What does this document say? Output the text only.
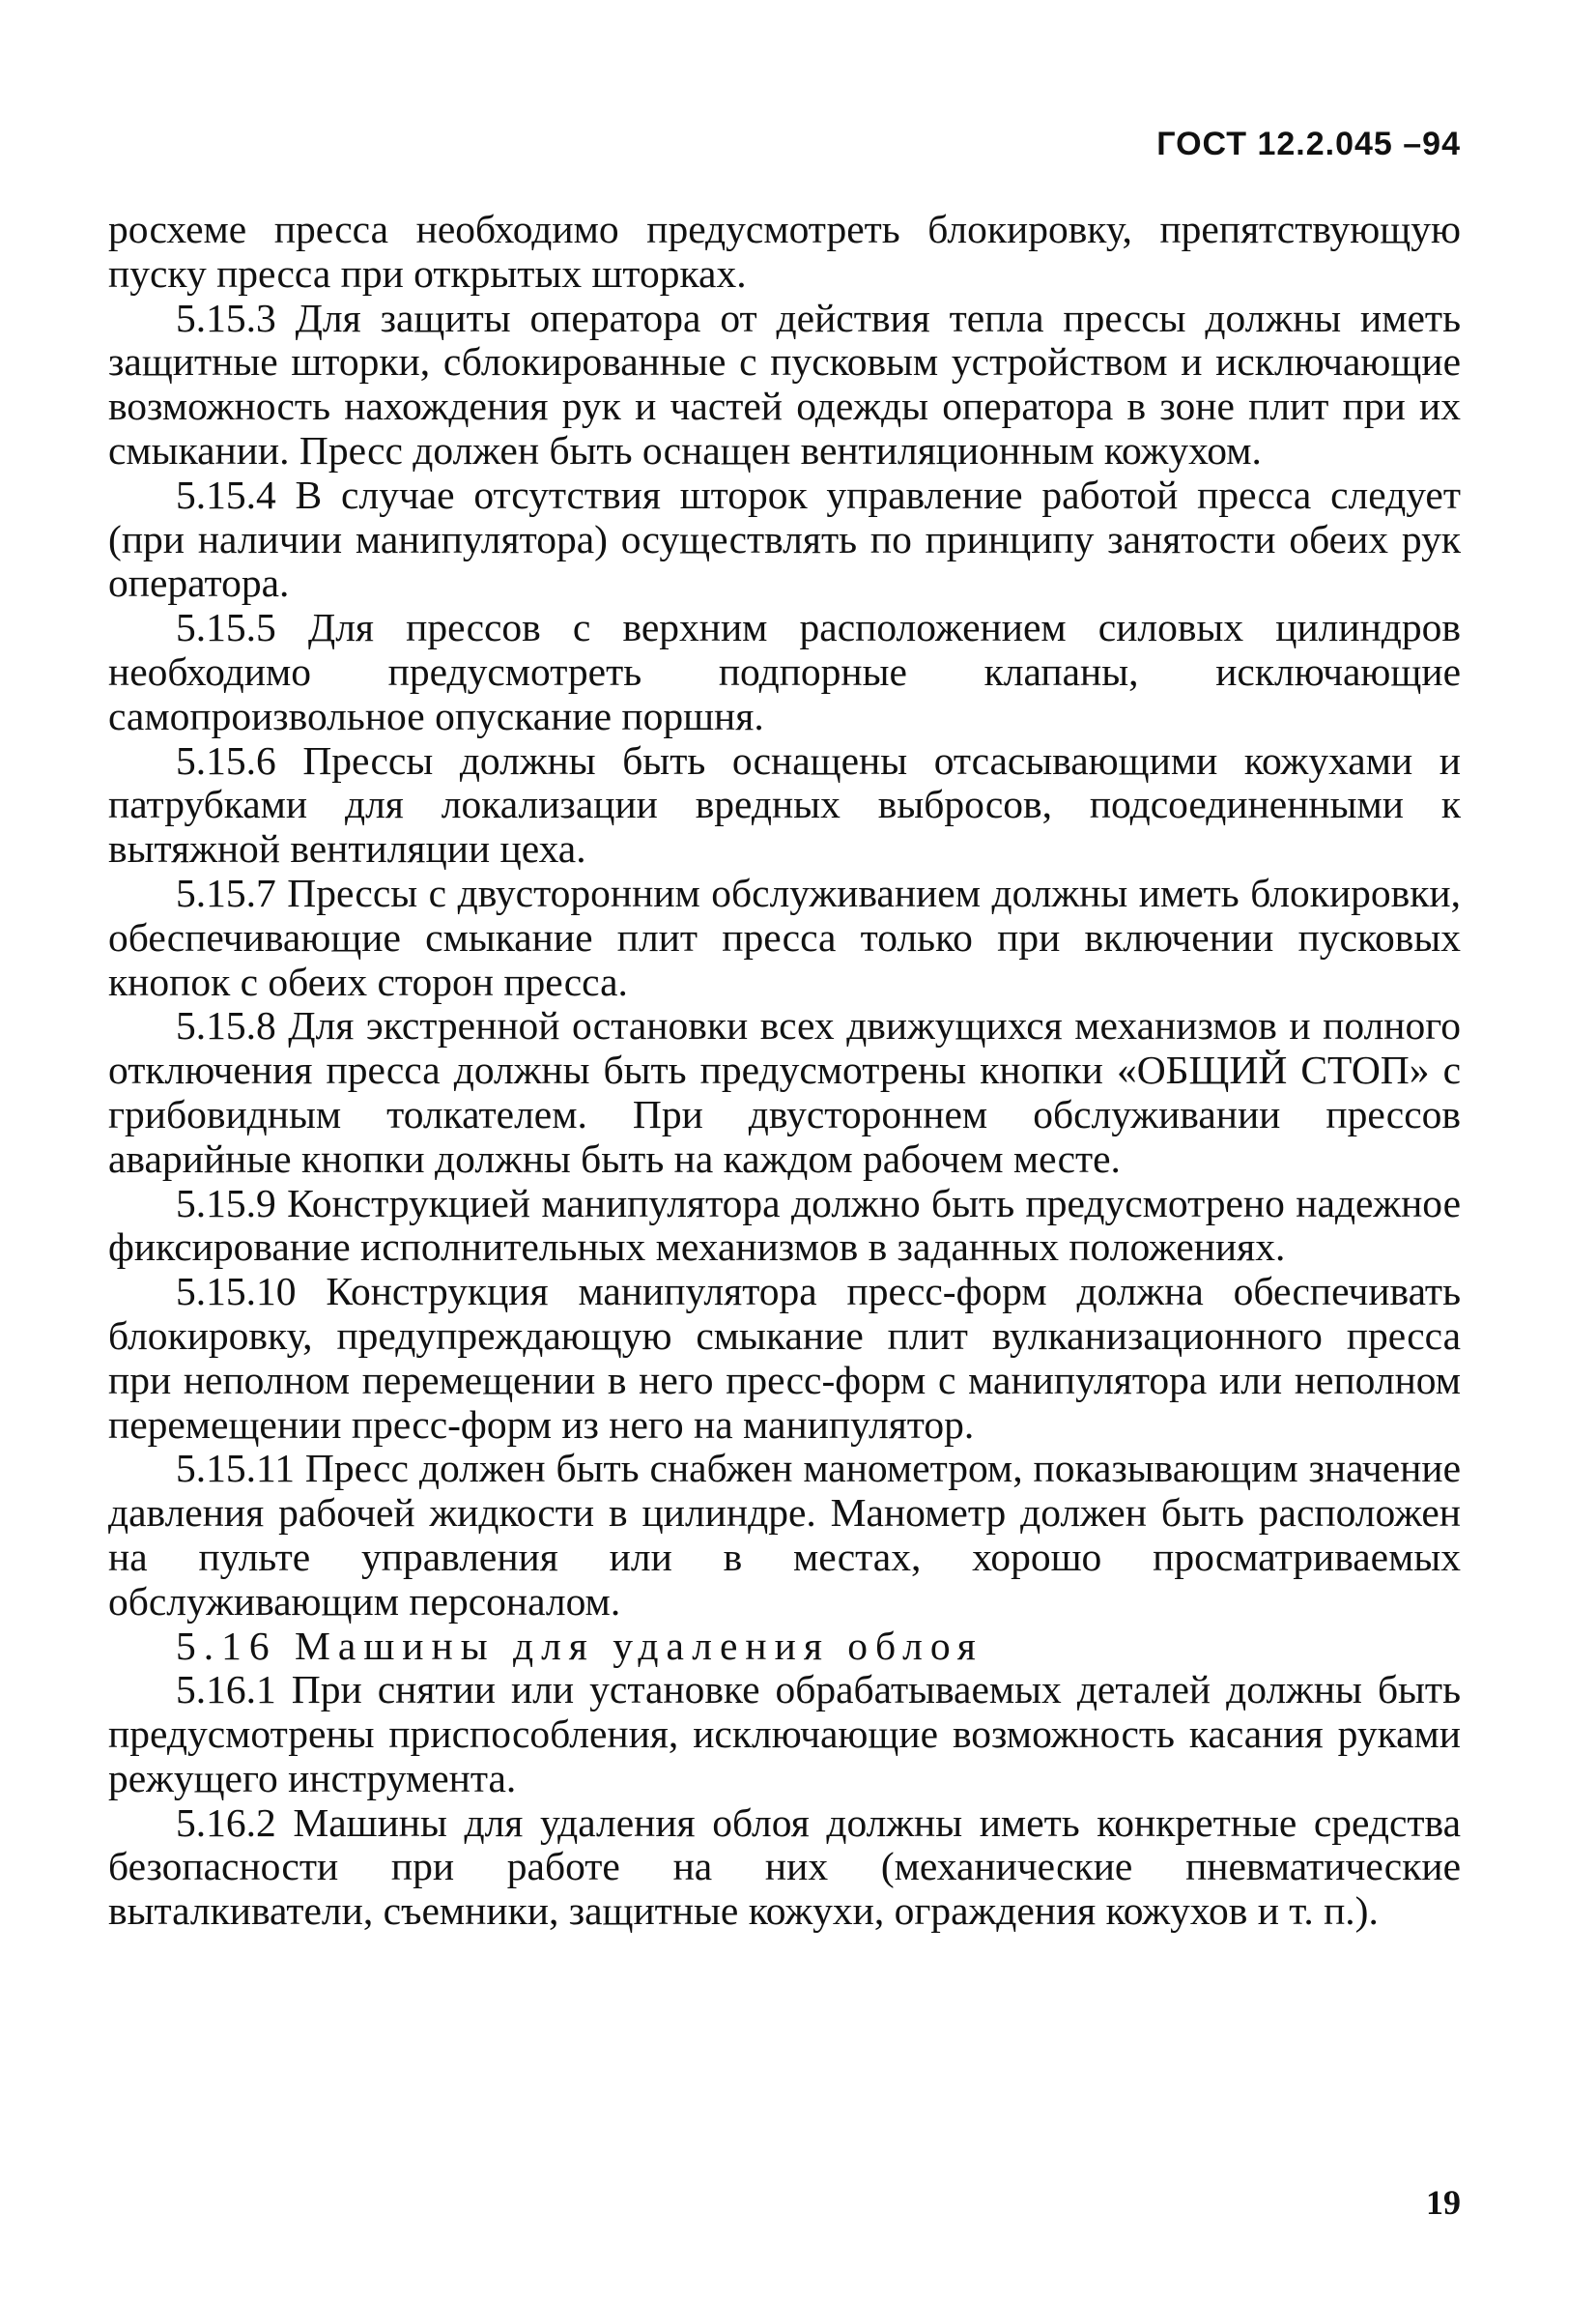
ГОСТ 12.2.045 –94

росхеме пресса необходимо предусмотреть блокировку, препятствующую пуску пресса при открытых шторках.

5.15.3 Для защиты оператора от действия тепла прессы должны иметь защитные шторки, сблокированные с пусковым устройством и исключающие возможность нахождения рук и частей одежды оператора в зоне плит при их смыкании. Пресс должен быть оснащен вентиляционным кожухом.

5.15.4 В случае отсутствия шторок управление работой пресса следует (при наличии манипулятора) осуществлять по принципу занятости обеих рук оператора.

5.15.5 Для прессов с верхним расположением силовых цилиндров необходимо предусмотреть подпорные клапаны, исключающие самопроизвольное опускание поршня.

5.15.6 Прессы должны быть оснащены отсасывающими кожухами и патрубками для локализации вредных выбросов, подсоединенными к вытяжной вентиляции цеха.

5.15.7 Прессы с двусторонним обслуживанием должны иметь блокировки, обеспечивающие смыкание плит пресса только при включении пусковых кнопок с обеих сторон пресса.

5.15.8 Для экстренной остановки всех движущихся механизмов и полного отключения пресса должны быть предусмотрены кнопки «ОБЩИЙ СТОП» с грибовидным толкателем. При двустороннем обслуживании прессов аварийные кнопки должны быть на каждом рабочем месте.

5.15.9 Конструкцией манипулятора должно быть предусмотрено надежное фиксирование исполнительных механизмов в заданных положениях.

5.15.10 Конструкция манипулятора пресс-форм должна обеспечивать блокировку, предупреждающую смыкание плит вулканизационного пресса при неполном перемещении в него пресс-форм с манипулятора или неполном перемещении пресс-форм из него на манипулятор.

5.15.11 Пресс должен быть снабжен манометром, показывающим значение давления рабочей жидкости в цилиндре. Манометр должен быть расположен на пульте управления или в местах, хорошо просматриваемых обслуживающим персоналом.

5.16 Машины для удаления облоя

5.16.1 При снятии или установке обрабатываемых деталей должны быть предусмотрены приспособления, исключающие возможность касания руками режущего инструмента.

5.16.2 Машины для удаления облоя должны иметь конкретные средства безопасности при работе на них (механические пневматические выталкиватели, съемники, защитные кожухи, ограждения кожухов и т. п.).

19
